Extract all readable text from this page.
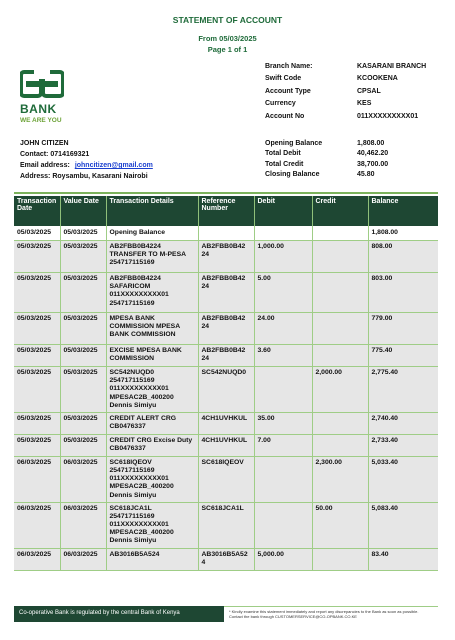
STATEMENT OF ACCOUNT
From 05/03/2025
Page 1 of 1
BANK
WE ARE YOU
Branch Name:	KASARANI BRANCH
Swift Code	KCOOKENA
Account Type	CPSAL
Currency	KES
Account No	011XXXXXXXXX01
JOHN CITIZEN
Contact: 0714169321
Email address: johncitizen@gmail.com
Address: Roysambu, Kasarani Nairobi
Opening Balance	1,808.00
Total Debit	40,462.20
Total Credit	38,700.00
Closing Balance	45.80
Transaction Date	Value Date	Transaction Details	Reference Number	Debit	Credit	Balance
05/03/2025	05/03/2025	Opening Balance				1,808.00
05/03/2025	05/03/2025	AB2FBB0B4224 TRANSFER TO M-PESA 254717115169	AB2FBB0B42 24	1,000.00		808.00
05/03/2025	05/03/2025	AB2FBB0B4224 SAFARICOM 011XXXXXXXXX01 254717115169	AB2FBB0B42 24	5.00		803.00
05/03/2025	05/03/2025	MPESA BANK COMMISSION MPESA BANK COMMISSION	AB2FBB0B42 24	24.00		779.00
05/03/2025	05/03/2025	EXCISE MPESA BANK COMMISSION	AB2FBB0B42 24	3.60		775.40
05/03/2025	05/03/2025	SC542NUQD0 254717115169 011XXXXXXXXX01 MPESAC2B_400200 Dennis Simiyu	SC542NUQD0		2,000.00	2,775.40
05/03/2025	05/03/2025	CREDIT ALERT CRG CB0476337	4CH1UVHKUL	35.00		2,740.40
05/03/2025	05/03/2025	CREDIT CRG Excise Duty CB0476337	4CH1UVHKUL	7.00		2,733.40
06/03/2025	06/03/2025	SC618IQEOV 254717115169 011XXXXXXXXX01 MPESAC2B_400200 Dennis Simiyu	SC618IQEOV		2,300.00	5,033.40
06/03/2025	06/03/2025	SC618JCA1L 254717115169 011XXXXXXXXX01 MPESAC2B_400200 Dennis Simiyu	SC618JCA1L		50.00	5,083.40
06/03/2025	06/03/2025	AB3016B5A524	AB3016B5A52 4	5,000.00		83.40
Co-operative Bank is regulated by the central Bank of Kenya	* Kindly examine this statement immediately and report any discrepancies to the Bank as soon as possible. Contact the bank through CUSTOMERSERVICE@CO-OPBANK.CO.KE
